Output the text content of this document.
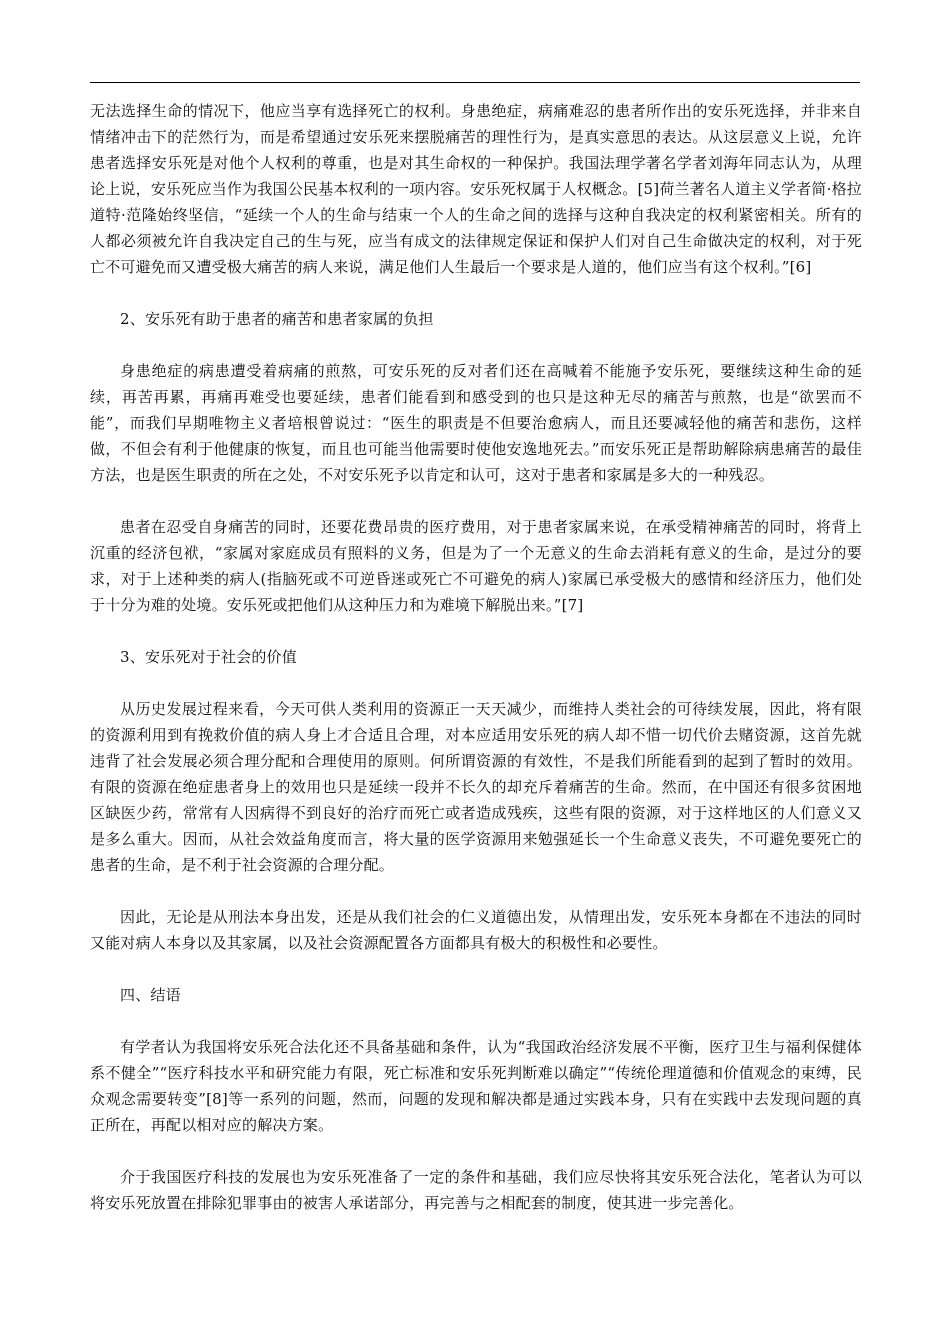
无法选择生命的情况下，他应当享有选择死亡的权利。身患绝症，病痛难忍的患者所作出的安乐死选择，并非来自情绪冲击下的茫然行为，而是希望通过安乐死来摆脱痛苦的理性行为，是真实意思的表达。从这层意义上说，允许患者选择安乐死是对他个人权利的尊重，也是对其生命权的一种保护。我国法理学著名学者刘海年同志认为，从理论上说，安乐死应当作为我国公民基本权利的一项内容。安乐死权属于人权概念。[5]荷兰著名人道主义学者简·格拉道特·范隆始终坚信，“延续一个人的生命与结束一个人的生命之间的选择与这种自我决定的权利紧密相关。所有的人都必须被允许自我决定自己的生与死，应当有成文的法律规定保证和保护人们对自己生命做决定的权利，对于死亡不可避免而又遭受极大痛苦的病人来说，满足他们人生最后一个要求是人道的，他们应当有这个权利。”[6]

2、安乐死有助于患者的痛苦和患者家属的负担

身患绝症的病患遭受着病痛的煎熬，可安乐死的反对者们还在高喊着不能施予安乐死，要继续这种生命的延续，再苦再累，再痛再难受也要延续，患者们能看到和感受到的也只是这种无尽的痛苦与煎熬，也是“欲罢而不能”，而我们早期唯物主义者培根曾说过：“医生的职责是不但要治愈病人，而且还要减轻他的痛苦和悲伤，这样做，不但会有利于他健康的恢复，而且也可能当他需要时使他安逸地死去。”而安乐死正是帮助解除病患痛苦的最佳方法，也是医生职责的所在之处，不对安乐死予以肯定和认可，这对于患者和家属是多大的一种残忍。

患者在忍受自身痛苦的同时，还要花费昂贵的医疗费用，对于患者家属来说，在承受精神痛苦的同时，将背上沉重的经济包袱，“家属对家庭成员有照料的义务，但是为了一个无意义的生命去消耗有意义的生命，是过分的要求，对于上述种类的病人(指脑死或不可逆昏迷或死亡不可避免的病人)家属已承受极大的感情和经济压力，他们处于十分为难的处境。安乐死或把他们从这种压力和为难境下解脱出来。”[7]

3、安乐死对于社会的价值

从历史发展过程来看，今天可供人类利用的资源正一天天减少，而维持人类社会的可待续发展，因此，将有限的资源利用到有挽救价值的病人身上才合适且合理，对本应适用安乐死的病人却不惜一切代价去赌资源，这首先就违背了社会发展必须合理分配和合理使用的原则。何所谓资源的有效性，不是我们所能看到的起到了暂时的效用。有限的资源在绝症患者身上的效用也只是延续一段并不长久的却充斥着痛苦的生命。然而，在中国还有很多贫困地区缺医少药，常常有人因病得不到良好的治疗而死亡或者造成残疾，这些有限的资源，对于这样地区的人们意义又是多么重大。因而，从社会效益角度而言，将大量的医学资源用来勉强延长一个生命意义丧失，不可避免要死亡的患者的生命，是不利于社会资源的合理分配。

因此，无论是从刑法本身出发，还是从我们社会的仁义道德出发，从情理出发，安乐死本身都在不违法的同时又能对病人本身以及其家属，以及社会资源配置各方面都具有极大的积极性和必要性。

四、结语

有学者认为我国将安乐死合法化还不具备基础和条件，认为“我国政治经济发展不平衡，医疗卫生与福利保健体系不健全”“医疗科技水平和研究能力有限，死亡标准和安乐死判断难以确定”“传统伦理道德和价值观念的束缚，民众观念需要转变”[8]等一系列的问题，然而，问题的发现和解决都是通过实践本身，只有在实践中去发现问题的真正所在，再配以相对应的解决方案。

介于我国医疗科技的发展也为安乐死准备了一定的条件和基础，我们应尽快将其安乐死合法化，笔者认为可以将安乐死放置在排除犯罪事由的被害人承诺部分，再完善与之相配套的制度，使其进一步完善化。
